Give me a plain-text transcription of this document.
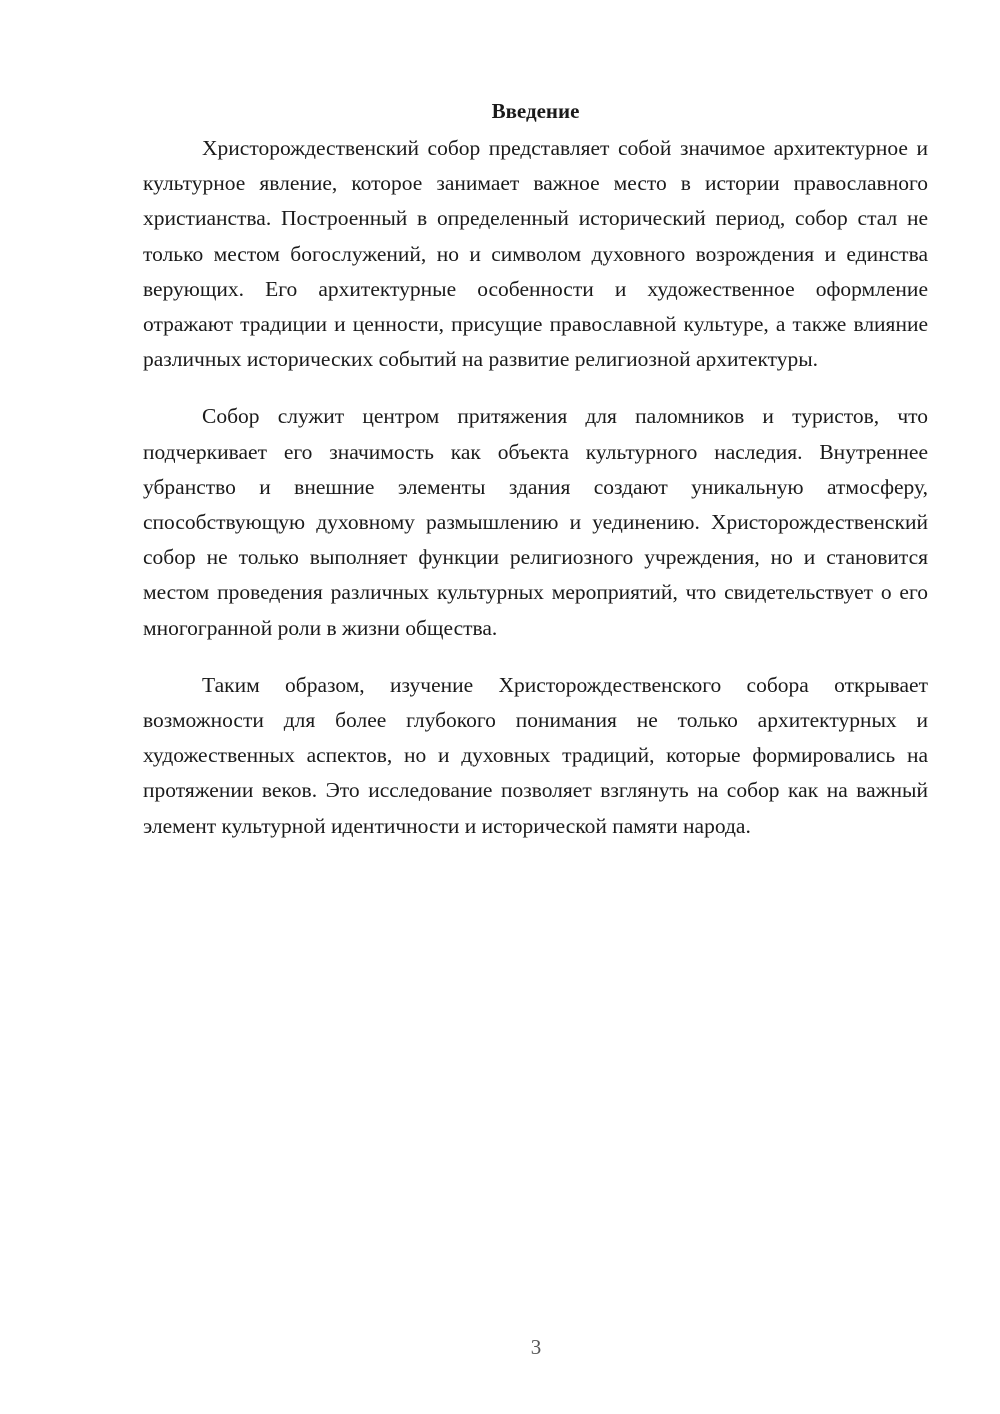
Введение

Христорождественский собор представляет собой значимое архитектурное и культурное явление, которое занимает важное место в истории православного христианства. Построенный в определенный исторический период, собор стал не только местом богослужений, но и символом духовного возрождения и единства верующих. Его архитектурные особенности и художественное оформление отражают традиции и ценности, присущие православной культуре, а также влияние различных исторических событий на развитие религиозной архитектуры.

Собор служит центром притяжения для паломников и туристов, что подчеркивает его значимость как объекта культурного наследия. Внутреннее убранство и внешние элементы здания создают уникальную атмосферу, способствующую духовному размышлению и уединению. Христорождественский собор не только выполняет функции религиозного учреждения, но и становится местом проведения различных культурных мероприятий, что свидетельствует о его многогранной роли в жизни общества.

Таким образом, изучение Христорождественского собора открывает возможности для более глубокого понимания не только архитектурных и художественных аспектов, но и духовных традиций, которые формировались на протяжении веков. Это исследование позволяет взглянуть на собор как на важный элемент культурной идентичности и исторической памяти народа.

3
